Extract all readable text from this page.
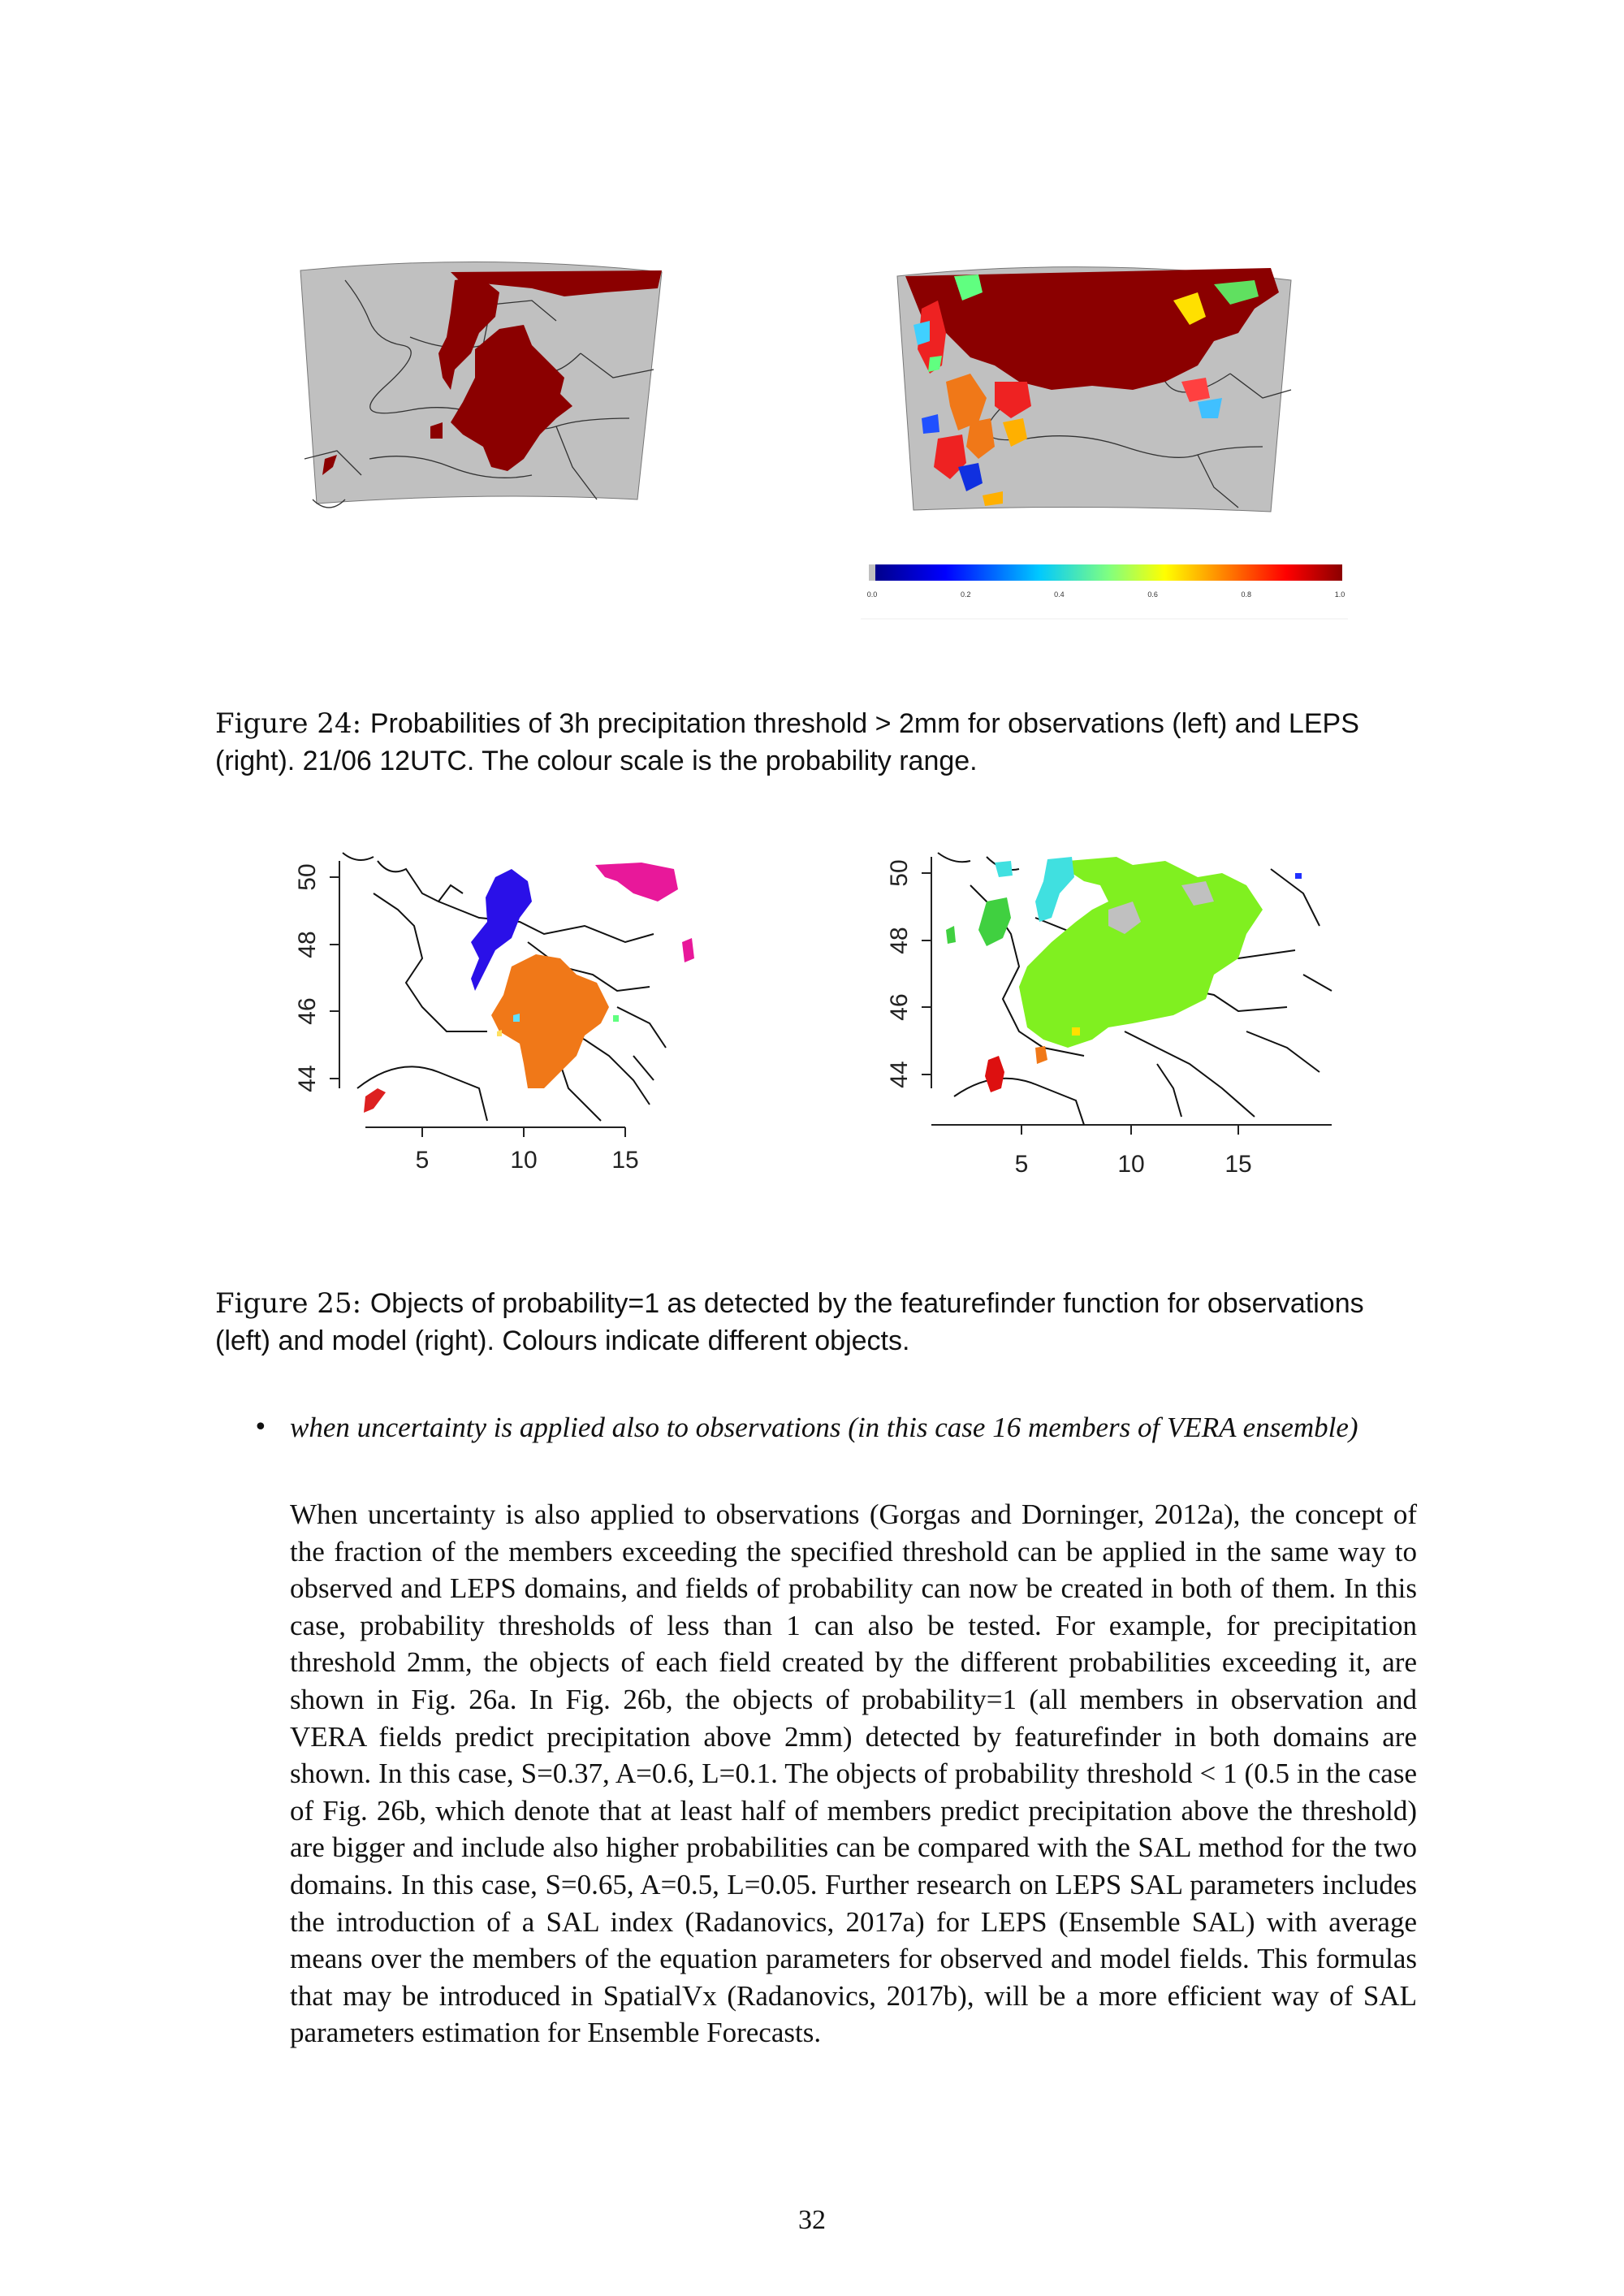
0.0	0.2	0.4	0.6	0.8	1.0
Figure 24: Probabilities of 3h precipitation threshold > 2mm for observations (left) and LEPS (right). 21/06 12UTC. The colour scale is the probability range.
50
48
46
44
5	10	15
50
48
46
44
5	10	15
Figure 25: Objects of probability=1 as detected by the featurefinder function for observations (left) and model (right). Colours indicate different objects.
• when uncertainty is applied also to observations (in this case 16 members of VERA ensemble)
When uncertainty is also applied to observations (Gorgas and Dorninger, 2012a), the concept of the fraction of the members exceeding the specified threshold can be applied in the same way to observed and LEPS domains, and fields of probability can now be created in both of them. In this case, probability thresholds of less than 1 can also be tested. For example, for precipitation threshold 2mm, the objects of each field created by the different probabilities exceeding it, are shown in Fig. 26a. In Fig. 26b, the objects of probability=1 (all members in observation and VERA fields predict precipitation above 2mm) detected by featurefinder in both domains are shown. In this case, S=0.37, A=0.6, L=0.1. The objects of probability threshold < 1 (0.5 in the case of Fig. 26b, which denote that at least half of members predict precipitation above the threshold) are bigger and include also higher probabilities can be compared with the SAL method for the two domains. In this case, S=0.65, A=0.5, L=0.05. Further research on LEPS SAL parameters includes the introduction of a SAL index (Radanovics, 2017a) for LEPS (Ensemble SAL) with average means over the members of the equation parameters for observed and model fields. This formulas that may be introduced in SpatialVx (Radanovics, 2017b), will be a more efficient way of SAL parameters estimation for Ensemble Forecasts.
32
